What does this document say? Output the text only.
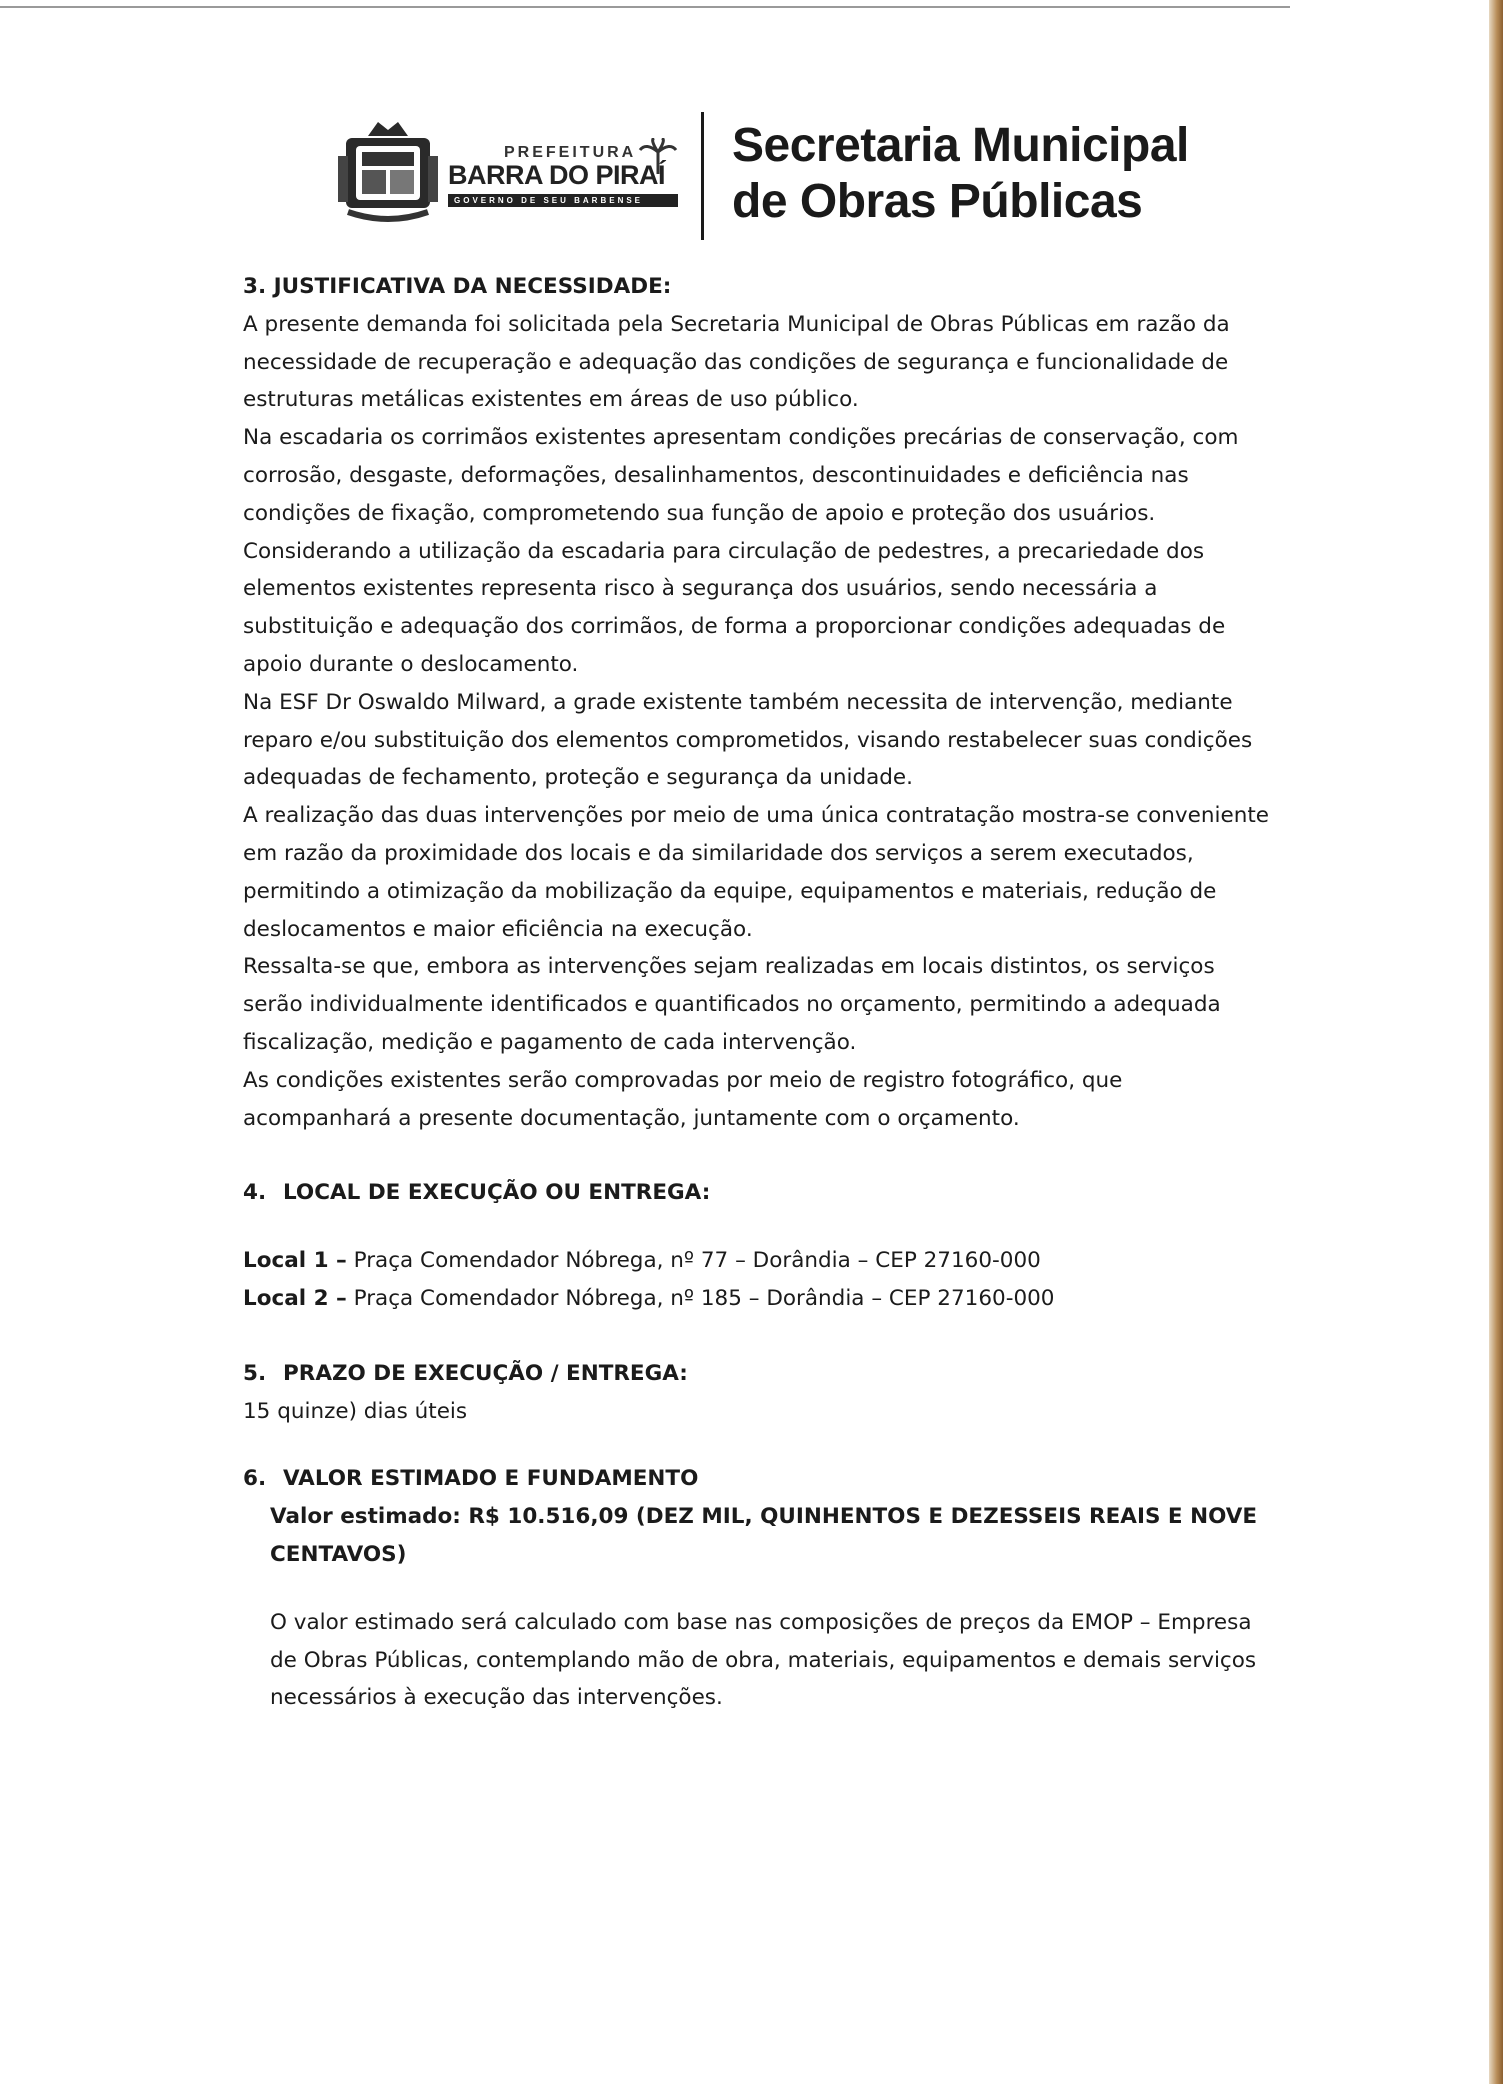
PREFEITURA
BARRA DO PIRAÍ
GOVERNO DE SEU BARBENSE
Secretaria Municipal
de Obras Públicas

3. JUSTIFICATIVA DA NECESSIDADE:

A presente demanda foi solicitada pela Secretaria Municipal de Obras Públicas em razão da necessidade de recuperação e adequação das condições de segurança e funcionalidade de estruturas metálicas existentes em áreas de uso público.

Na escadaria os corrimãos existentes apresentam condições precárias de conservação, com corrosão, desgaste, deformações, desalinhamentos, descontinuidades e deficiência nas condições de fixação, comprometendo sua função de apoio e proteção dos usuários.

Considerando a utilização da escadaria para circulação de pedestres, a precariedade dos elementos existentes representa risco à segurança dos usuários, sendo necessária a substituição e adequação dos corrimãos, de forma a proporcionar condições adequadas de apoio durante o deslocamento.

Na ESF Dr Oswaldo Milward, a grade existente também necessita de intervenção, mediante reparo e/ou substituição dos elementos comprometidos, visando restabelecer suas condições adequadas de fechamento, proteção e segurança da unidade.

A realização das duas intervenções por meio de uma única contratação mostra-se conveniente em razão da proximidade dos locais e da similaridade dos serviços a serem executados, permitindo a otimização da mobilização da equipe, equipamentos e materiais, redução de deslocamentos e maior eficiência na execução.

Ressalta-se que, embora as intervenções sejam realizadas em locais distintos, os serviços serão individualmente identificados e quantificados no orçamento, permitindo a adequada fiscalização, medição e pagamento de cada intervenção.

As condições existentes serão comprovadas por meio de registro fotográfico, que acompanhará a presente documentação, juntamente com o orçamento.

4. LOCAL DE EXECUÇÃO OU ENTREGA:

Local 1 – Praça Comendador Nóbrega, nº 77 – Dorândia – CEP 27160-000

Local 2 – Praça Comendador Nóbrega, nº 185 – Dorândia – CEP 27160-000

5. PRAZO DE EXECUÇÃO / ENTREGA:

15 quinze) dias úteis

6. VALOR ESTIMADO E FUNDAMENTO

Valor estimado: R$ 10.516,09 (DEZ MIL, QUINHENTOS E DEZESSEIS REAIS E NOVE CENTAVOS)

O valor estimado será calculado com base nas composições de preços da EMOP – Empresa de Obras Públicas, contemplando mão de obra, materiais, equipamentos e demais serviços necessários à execução das intervenções.
